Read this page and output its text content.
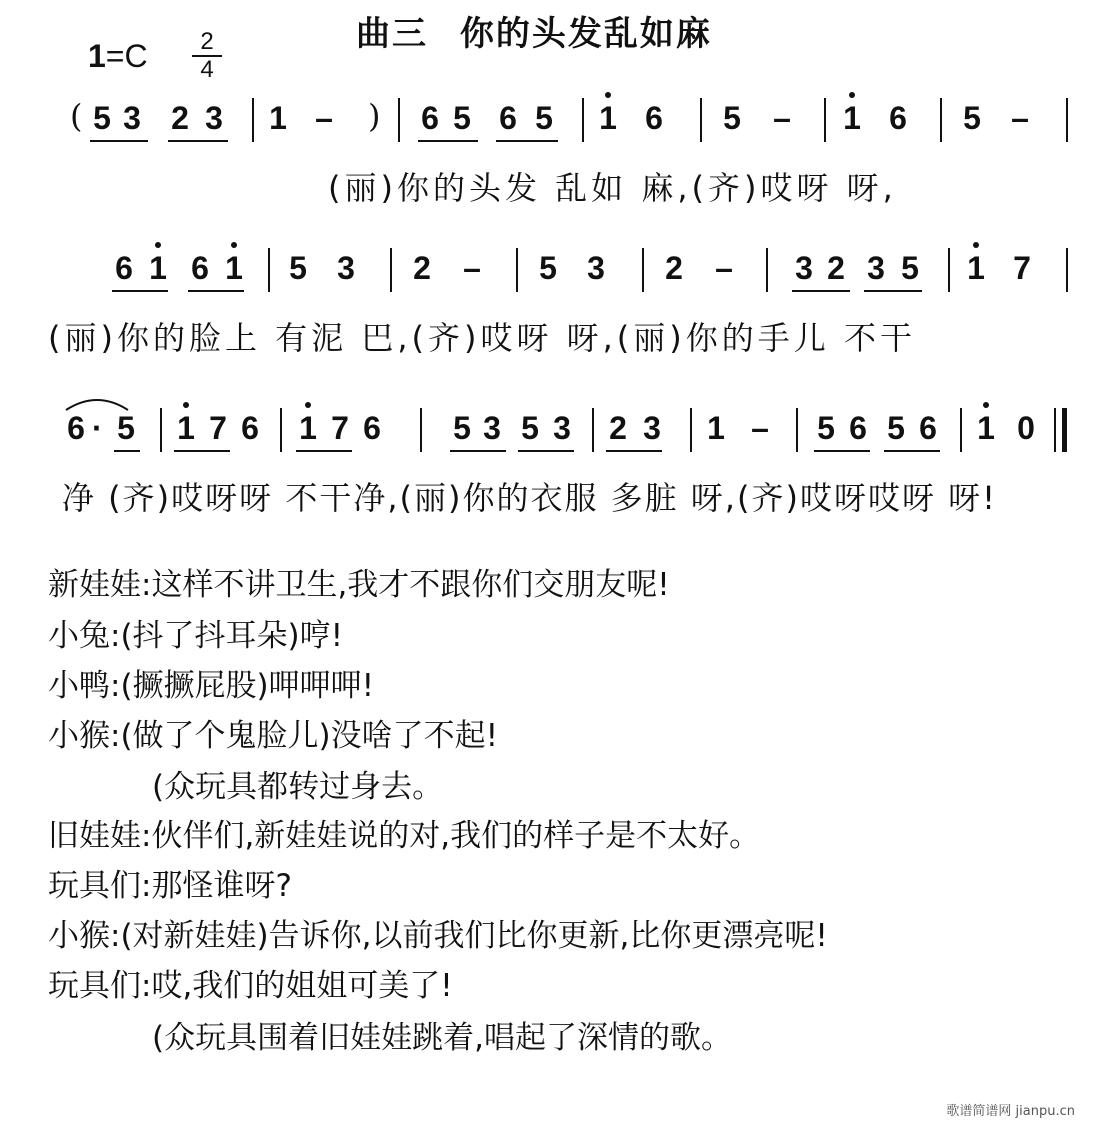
1=C	2
4
曲三 你的头发乱如麻
( 5 3 2 3 1 – ) 6 5 6 5 1 6 5 – 1 6 5 –
(丽)你的头发 乱如 麻,(齐)哎呀 呀,
6 1 6 1 5 3 2 – 5 3 2 – 3 2 3 5 1 7
(丽)你的脸上 有泥 巴,(齐)哎呀 呀,(丽)你的手儿 不干
6 · 5 1 7 6 1 7 6 5 3 5 3 2 3 1 – 5 6 5 6 1 0
净 (齐)哎呀呀 不干净,(丽)你的衣服 多脏 呀,(齐)哎呀哎呀 呀!
新娃娃:这样不讲卫生,我才不跟你们交朋友呢!
小兔:(抖了抖耳朵)哼!
小鸭:(撅撅屁股)呷呷呷!
小猴:(做了个鬼脸儿)没啥了不起!
(众玩具都转过身去。
旧娃娃:伙伴们,新娃娃说的对,我们的样子是不太好。
玩具们:那怪谁呀?
小猴:(对新娃娃)告诉你,以前我们比你更新,比你更漂亮呢!
玩具们:哎,我们的姐姐可美了!
(众玩具围着旧娃娃跳着,唱起了深情的歌。
歌谱简谱网 jianpu.cn
